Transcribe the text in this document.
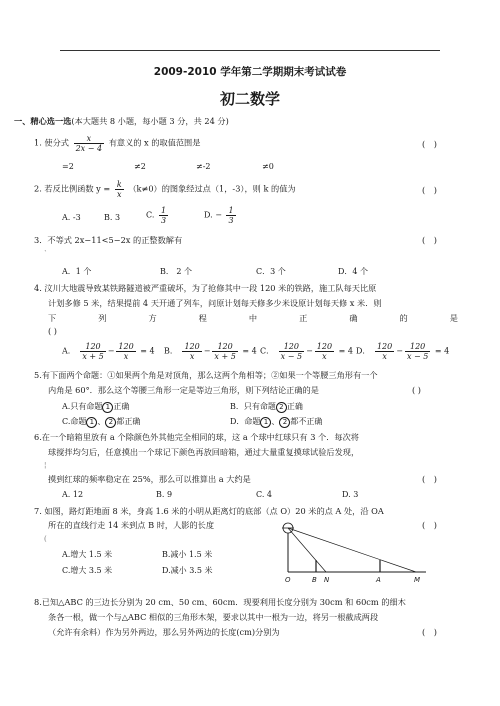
2009-2010 学年第二学期期末考试试卷
初二数学
一、精心选一选(本大题共 8 小题，每小题 3 分，共 24 分)
1. 使分式 $\frac{x}{2x - 4}$ 有意义的 x 的取值范围是	( )
=2	≠2	≠-2	≠0
2. 若反比例函数 $y = \frac{k}{x} (k\ne 0)$的图象经过点（1，-3），则 k 的值为	( )
A. -3	B. 3	C. $\frac{1}{3}$	D. − $\frac{1}{3}$
3．不等式 2x−11<5−2x 的正整数解有	( )
`
A．1 个	B． 2 个	C．3 个	D．4 个
4. 汶川大地震导致某铁路隧道被严重破坏，为了抢修其中一段 120 米的铁路，施工队每天比原
计划多修 5 米，结果提前 4 天开通了列车，问原计划每天修多少米设原计划每天修 x 米．则
下	列	方	程	中	正	确	的	是
( )
A． $\frac{120}{x + 5} - \frac{120}{x} = 4$ B． $\frac{120}{x} - \frac{120}{x + 5} = 4$ C． $\frac{120}{x - 5} - \frac{120}{x} = 4$ D． $\frac{120}{x} - \frac{120}{x - 5} = 4$
5.有下面两个命题：①如果两个角是对顶角，那么这两个角相等；②如果一个等腰三角形有一个
内角是 60°．那么这个等腰三角形一定是等边三角形，则下列结论正确的是	( )
A.只有命题 1 正确	B．只有命题 2 正确
C.命题 1 、 2 都正确	D．命题 1 、 2 都不正确
6.在一个暗箱里放有 a 个除颜色外其他完全相同的球，这 a 个球中红球只有 3 个．每次将
球搅拌均匀后，任意摸出一个球记下颜色再放回暗箱，通过大量重复摸球试验后发现，
¦
摸到红球的频率稳定在 25%，那么可以推算出 a 大约是	( )
A. 12	B. 9	C. 4	D. 3
7. 如图，路灯距地面 8 米，身高 1.6 米的小明从距离灯的底部（点 O）20 米的点 A 处，沿 OA
所在的直线行走 14 米到点 B 时，人影的长度	( )
(
A.增大 1.5 米	B.减小 1.5 米
C.增大 3.5 米	D.减小 3.5 米
O	B N	A	M
8.已知△ABC 的三边长分别为 20 cm、50 cm、60cm．现要利用长度分别为 30cm 和 60cm 的细木
条各一根，做一个与△ABC 相似的三角形木架，要求以其中一根为一边，将另一根截成两段
（允许有余料）作为另外两边，那么另外两边的长度(cm)分别为	( )
